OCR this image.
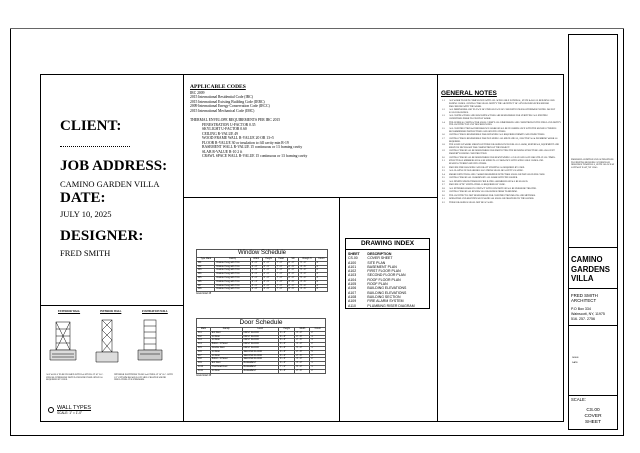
CLIENT:
JOB ADDRESS:
CAMINO GARDEN VILLA
DATE:
JULY 10, 2025
DESIGNER:
FRED SMITH
EXTERIOR WALL	INTERIOR WALL	FOUNDATION WALL
ALL WALLS TO BE FRAMED WITH 2x6 STUDS AT 16" O.C. UNLESS OTHERWISE NOTED. PROVIDE INSULATION AS REQUIRED BY CODE.
INTERIOR PARTITIONS TO BE 2x4 STUDS AT 16" O.C. WITH 1/2" GYPSUM BOARD EACH SIDE. PROVIDE SOUND INSULATION AT BATHROOMS.
WALL TYPES
SCALE: 1" = 1'-0"
APPLICABLE CODES
IRC 2009
2015 International Residential Code (IRC)
2015 International Existing Building Code (IEBC)
2009 International Energy Conservation Code (IECC)
2015 International Mechanical Code (IMC)
THERMAL ENVELOPE REQUIREMENTS PER IRC 2015
FENESTRATION U-FACTOR 0.35
SKYLIGHT U-FACTOR 0.60
CEILING R-VALUE 49
WOOD FRAME WALL R-VALUE 20 OR 13+5
FLOOR R-VALUE 30 or insulation to fill cavity min R-19
BASEMENT WALL R-VALUE 15 continuous or 13 framing cavity
SLAB R-VALUE R-10 2 ft
CRAWL SPACE WALL R-VALUE 15 continuous or 13 framing cavity
Window Schedule
Type Mark	Family	Width	Height	Head	Sill	Rough H	Count
W1	Double Hung with Trim	3' - 0"	5' - 0"	7' - 0"	2' - 0"	5' - 0"	4
W2	Double Hung with Trim	2' - 8"	4' - 6"	7' - 0"	2' - 6"	4' - 6"	2
W3	Double Hung with Trim	3' - 0"	5' - 0"	7' - 0"	2' - 0"	5' - 0"	6
W4	Double Hung with Trim	2' - 6"	4' - 0"	7' - 0"	3' - 0"	4' - 0"	2
W5	Double Hung with Trim	3' - 0"	5' - 0"	7' - 0"	2' - 0"	5' - 0"	3
W6	Double Hung with Trim	2' - 4"	3' - 6"	7' - 0"	3' - 6"	3' - 6"	2
W7	Double Hung with Trim	3' - 0"	5' - 0"	7' - 0"	2' - 0"	5' - 0"	4
W8	Double Hung with Trim	2' - 8"	4' - 6"	7' - 0"	2' - 6"	4' - 6"	2
Grand total: 25
Door Schedule
Mark	Family	Level	Height	Width	Count
D-1	Ext Door	FIRST FLOOR	6' - 8"	3' - 0"	2
D-2	Int Door	FIRST FLOOR	6' - 8"	2' - 8"	4
D-3	Int Door	FIRST FLOOR	6' - 8"	2' - 6"	3
D-4	Bifold - 4 Panel	FIRST FLOOR	6' - 8"	4' - 0"	2
D-5	Double Door	FIRST FLOOR	6' - 8"	5' - 0"	1
D-6	Int Door	SECOND FLOOR	6' - 8"	2' - 8"	5
D-7	Int Door	SECOND FLOOR	6' - 8"	2' - 6"	2
D-8	Bifold - 4 Panel	SECOND FLOOR	6' - 8"	4' - 0"	2
D-9	Ext Door	BASEMENT	6' - 8"	3' - 0"	1
D-10	Overhead Door	BASEMENT	7' - 0"	9' - 0"	1
D-11	Int Door	BASEMENT	6' - 8"	2' - 8"	2
Grand total: 25
DRAWING INDEX
SHEET	DESCRIPTION
CS.00	COVER SHEET
A100	SITE PLAN
A101	BASEMENT PLAN
A102	FIRST FLOOR PLAN
A103	SECOND FLOOR PLAN
A104	ROOF FLOOR PLAN
A105	ROOF PLAN
A106	BUILDING ELEVATIONS
A107	BUILDING ELEVATIONS
A108	BUILDING SECTION
A109	FIRE ALARM SYSTEM
A110	PLUMBING RISER DIAGRAM
GENERAL NOTES
1.1 ALL WORK TO BE IN COMPLIANCE WITH ALL APPLICABLE NATIONAL, STATE & LOCAL BUILDING AND ZONING CODES. CONTRACTOR SHALL NOTIFY THE ARCHITECT OF ANY DISCREPANCIES BEFORE PROCEEDING WITH THE WORK.
1.2 ALL DIMENSIONS ARE TO FACE OF STUD OR FACE OF CONCRETE UNLESS OTHERWISE NOTED. DO NOT SCALE DRAWINGS.
1.3 ALL CONTRACTORS AND SUBCONTRACTORS ARE RESPONSIBLE FOR VERIFYING ALL EXISTING CONDITIONS PRIOR TO START OF WORK.
1.4 THE GENERAL CONTRACTOR SHALL VERIFY ALL DIMENSIONS AND CONDITIONS IN THE FIELD AND NOTIFY THE ARCHITECT OF ANY DISCREPANCIES.
1.5 ALL CONSTRUCTION & PERFORMANCE WORK SHALL BE IN COMPLIANCE WITH THE MANUFACTURER'S RECOMMENDED INSTRUCTIONS AND SPECIFICATIONS.
1.6 CONTRACTOR IS RESPONSIBLE FOR OBTAINING ALL REQUIRED PERMITS AND INSPECTIONS.
1.7 CONTRACTOR IS RESPONSIBLE FOR INCLUDING ALL MECHANICAL, ELECTRICAL & PLUMBING WORK AS REQUIRED.
1.8 THE SCOPE OF WORK SHOWN ON THESE DRAWINGS INCLUDES ALL LABOR, MATERIALS, EQUIPMENT AND SERVICES NECESSARY FOR COMPLETION OF THE PROJECT.
1.9 CONTRACTOR SHALL BE RESPONSIBLE FOR PROTECTING THE BUILDING STRUCTURE AND ADJACENT PROPERTY DURING CONSTRUCTION.
2.0 CONTRACTOR SHALL BE RESPONSIBLE FOR MAINTAINING A CLEAN AND SAFE JOB SITE AT ALL TIMES.
2.1 STRUCTURAL MEMBERS SHALL BE SIZED IN ACCORDANCE WITH APPLICABLE CODES AND MANUFACTURER'S SPECIFICATIONS.
2.2 PROVIDE FIRE BLOCKING AND DRAFT STOPPING AS REQUIRED BY CODE.
2.3 ALL GLAZING IN HAZARDOUS LOCATIONS SHALL BE SAFETY GLAZING.
2.4 SMOKE DETECTORS AND CARBON MONOXIDE DETECTORS SHALL BE INSTALLED PER CODE.
2.5 CONTRACTOR SHALL COORDINATE ALL WORK WITH THE OWNER.
2.6 ALL PENETRATIONS THROUGH FIRE RATED ASSEMBLIES SHALL BE SEALED.
2.7 PROVIDE ATTIC VENTILATION AS REQUIRED BY CODE.
2.8 ALL EXTERIOR WOOD IN CONTACT WITH CONCRETE SHALL BE PRESSURE TREATED.
2.9 CONTRACTOR SHALL REVIEW ALL DRAWINGS PRIOR TO BIDDING.
3.0 THE ARCHITECT IS NOT RESPONSIBLE FOR CONSTRUCTION MEANS AND METHODS.
3.1 OPERATION AND MAINTENANCE MANUALS SHALL BE PROVIDED TO THE OWNER.
3.2 THESE DRAWINGS SHALL NOT BE SCALED.
PROPOSED ADDITION AND ALTERATIONS TO EXISTING BUILDING AT HERITAGE HOLDINGS TOWNHALL, SUITE 100 OCEAN GATEWAY EAST, NY 12345
CAMINO GARDENS VILLA
FRED SMITH ARCHITECT
P.O Box 334
Wainscott, NY, 11975
516. 257. 2756
ISSUE
DATE
SCALE:
CS.00
COVER SHEET
